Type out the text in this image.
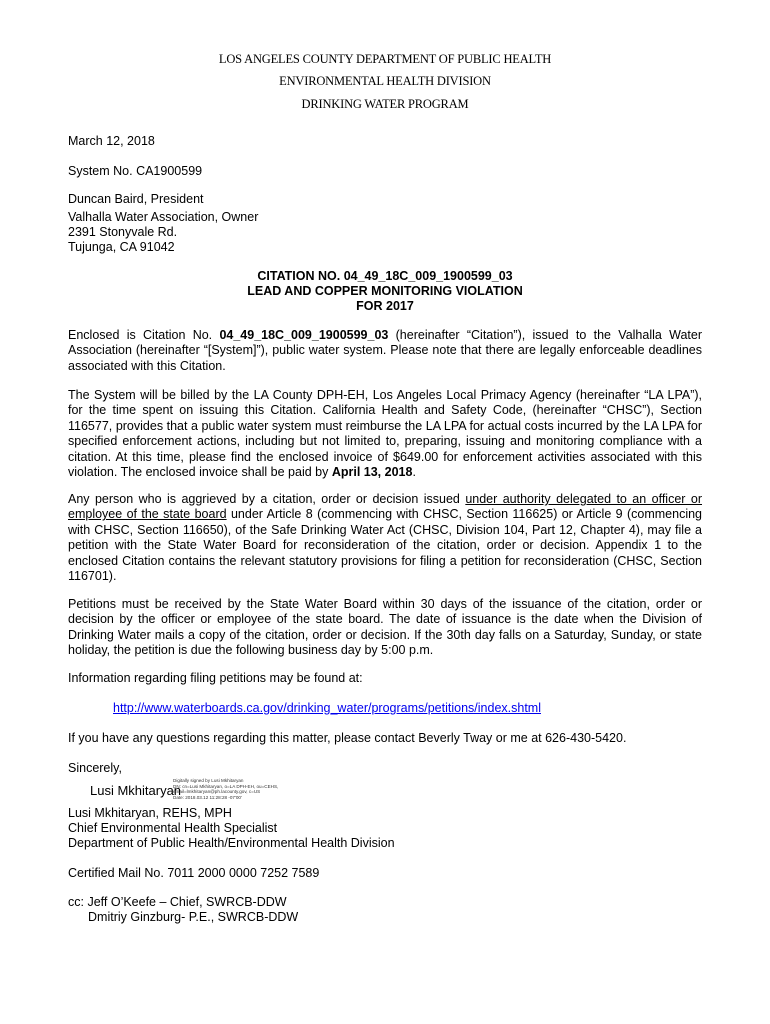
LOS ANGELES COUNTY DEPARTMENT OF PUBLIC HEALTH
ENVIRONMENTAL HEALTH DIVISION
DRINKING WATER PROGRAM
March 12, 2018
System No. CA1900599
Duncan Baird, President
Valhalla Water Association, Owner
2391 Stonyvale Rd.
Tujunga, CA 91042
CITATION NO. 04_49_18C_009_1900599_03
LEAD AND COPPER MONITORING VIOLATION
FOR 2017
Enclosed is Citation No. 04_49_18C_009_1900599_03 (hereinafter “Citation”), issued to the Valhalla Water Association (hereinafter “[System]”), public water system. Please note that there are legally enforceable deadlines associated with this Citation.
The System will be billed by the LA County DPH-EH, Los Angeles Local Primacy Agency (hereinafter “LA LPA”), for the time spent on issuing this Citation. California Health and Safety Code, (hereinafter “CHSC”), Section 116577, provides that a public water system must reimburse the LA LPA for actual costs incurred by the LA LPA for specified enforcement actions, including but not limited to, preparing, issuing and monitoring compliance with a citation. At this time, please find the enclosed invoice of $649.00 for enforcement activities associated with this violation. The enclosed invoice shall be paid by April 13, 2018.
Any person who is aggrieved by a citation, order or decision issued under authority delegated to an officer or employee of the state board under Article 8 (commencing with CHSC, Section 116625) or Article 9 (commencing with CHSC, Section 116650), of the Safe Drinking Water Act (CHSC, Division 104, Part 12, Chapter 4), may file a petition with the State Water Board for reconsideration of the citation, order or decision. Appendix 1 to the enclosed Citation contains the relevant statutory provisions for filing a petition for reconsideration (CHSC, Section 116701).
Petitions must be received by the State Water Board within 30 days of the issuance of the citation, order or decision by the officer or employee of the state board. The date of issuance is the date when the Division of Drinking Water mails a copy of the citation, order or decision. If the 30th day falls on a Saturday, Sunday, or state holiday, the petition is due the following business day by 5:00 p.m.
Information regarding filing petitions may be found at:
http://www.waterboards.ca.gov/drinking_water/programs/petitions/index.shtml
If you have any questions regarding this matter, please contact Beverly Tway or me at 626-430-5420.
Sincerely,
Lusi Mkhitaryan
Digitally signed by Lusi Mkhitaryan
DN: cn=Lusi Mkhitaryan, o=LA DPH-EH, ou=CEHS,
email=lmkhitaryan@ph.lacounty.gov, c=US
Date: 2018.03.12 11:28:28 -07'00'
Lusi Mkhitaryan, REHS, MPH
Chief Environmental Health Specialist
Department of Public Health/Environmental Health Division
Certified Mail No. 7011 2000 0000 7252 7589
cc: Jeff O’Keefe – Chief, SWRCB-DDW
Dmitriy Ginzburg- P.E., SWRCB-DDW
